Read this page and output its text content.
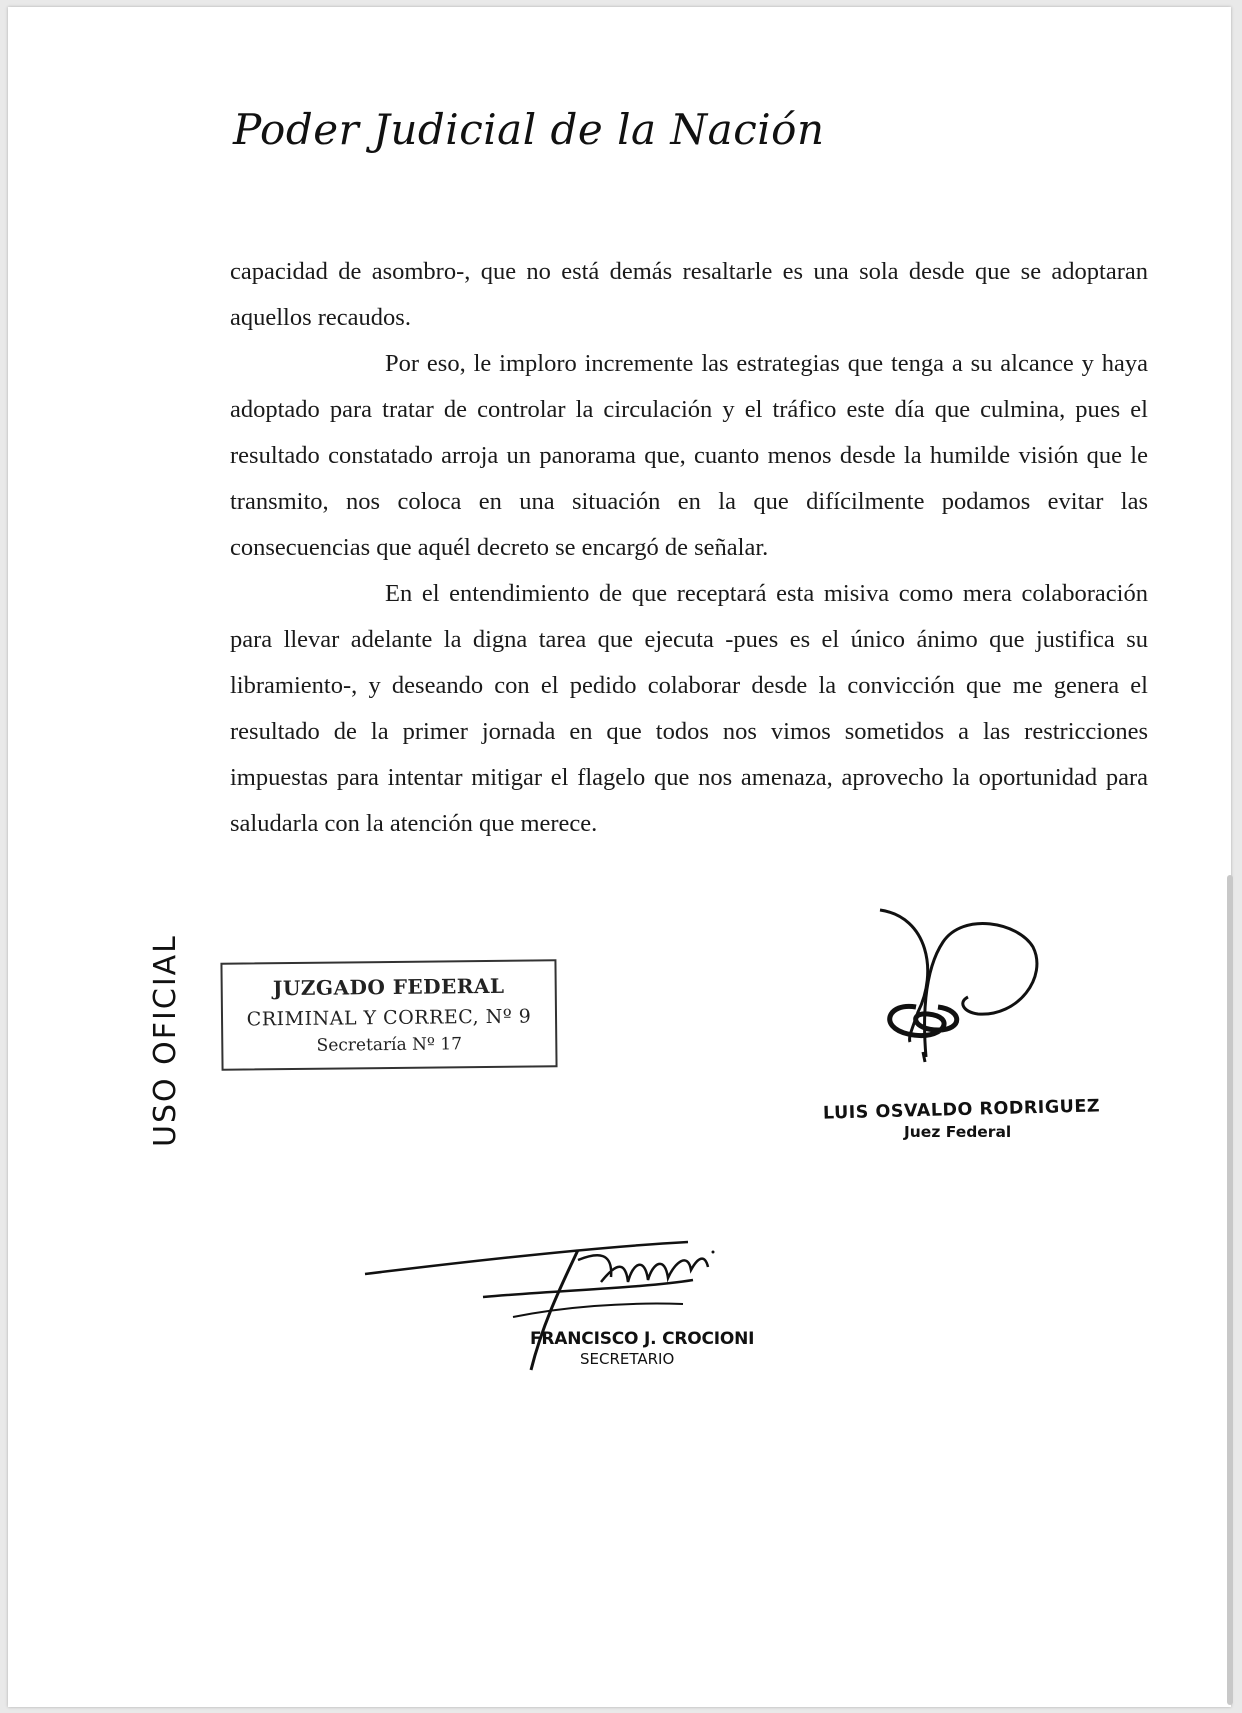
Poder Judicial de la Nación

capacidad de asombro-, que no está demás resaltarle es una sola desde que se adoptaran aquellos recaudos.

Por eso, le imploro incremente las estrategias que tenga a su alcance y haya adoptado para tratar de controlar la circulación y el tráfico este día que culmina, pues el resultado constatado arroja un panorama que, cuanto menos desde la humilde visión que le transmito, nos coloca en una situación en la que difícilmente podamos evitar las consecuencias que aquél decreto se encargó de señalar.

En el entendimiento de que receptará esta misiva como mera colaboración para llevar adelante la digna tarea que ejecuta -pues es el único ánimo que justifica su libramiento-, y deseando con el pedido colaborar desde la convicción que me genera el resultado de la primer jornada en que todos nos vimos sometidos a las restricciones impuestas para intentar mitigar el flagelo que nos amenaza, aprovecho la oportunidad para saludarla con la atención que merece.

USO OFICIAL	JUZGADO FEDERAL
CRIMINAL Y CORREC, Nº 9
Secretaría Nº 17
LUIS OSVALDO RODRIGUEZ
Juez Federal
FRANCISCO J. CROCIONI
SECRETARIO
